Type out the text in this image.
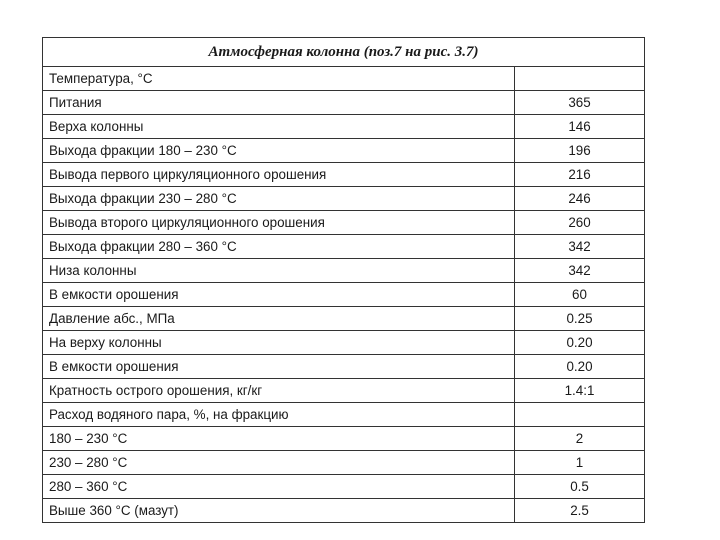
Атмосферная колонна (поз.7 на рис. 3.7)	
Температура, °С	
Питания	365
Верха колонны	146
Выхода фракции 180 – 230 °С	196
Вывода первого циркуляционного орошения	216
Выхода фракции 230 – 280 °С	246
Вывода второго циркуляционного орошения	260
Выхода фракции 280 – 360 °С	342
Низа колонны	342
В емкости орошения	60
Давление абс., МПа	0.25
На верху колонны	0.20
В емкости орошения	0.20
Кратность острого орошения, кг/кг	1.4:1
Расход водяного пара, %, на фракцию	
180 – 230 °С	2
230 – 280 °С	1
280 – 360 °С	0.5
Выше 360 °С (мазут)	2.5
